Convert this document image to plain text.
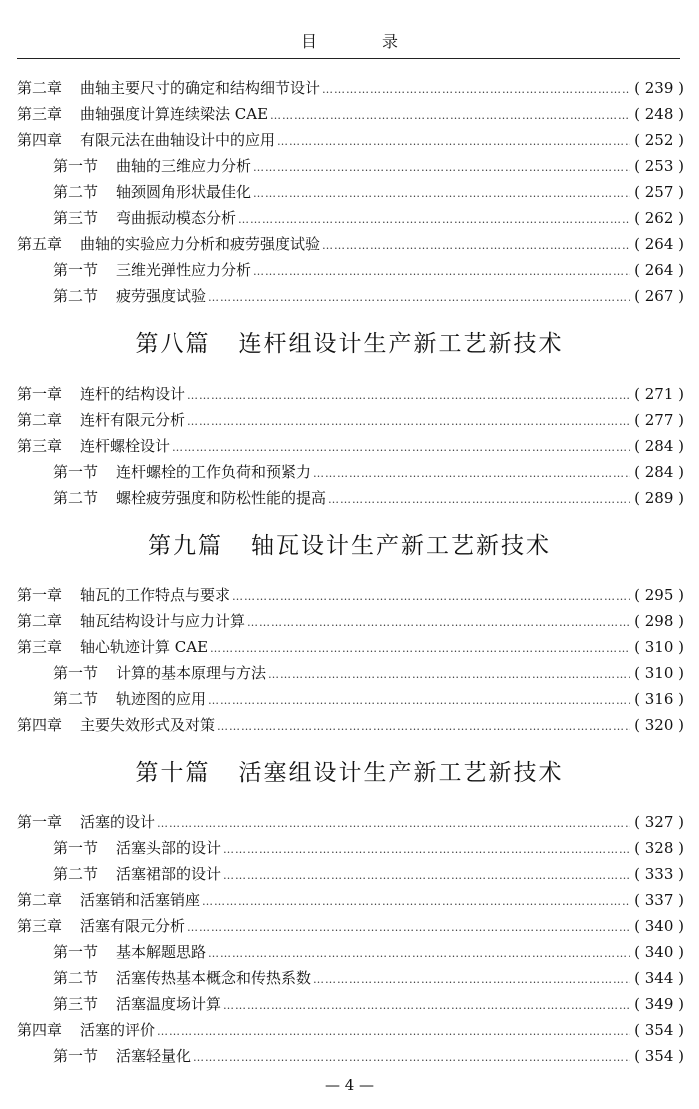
目 录
第二章	曲轴主要尺寸的确定和结构细节设计 …………………………………………………………………………………………………………………………………………………………………………………………………………………………………………………………	( 239 )
第三章	曲轴强度计算连续梁法 CAE …………………………………………………………………………………………………………………………………………………………………………………………………………………………………………………………	( 248 )
第四章	有限元法在曲轴设计中的应用 …………………………………………………………………………………………………………………………………………………………………………………………………………………………………………………………	( 252 )
第一节	曲轴的三维应力分析 …………………………………………………………………………………………………………………………………………………………………………………………………………………………………………………………	( 253 )
第二节	轴颈圆角形状最佳化 …………………………………………………………………………………………………………………………………………………………………………………………………………………………………………………………	( 257 )
第三节	弯曲振动模态分析 …………………………………………………………………………………………………………………………………………………………………………………………………………………………………………………………	( 262 )
第五章	曲轴的实验应力分析和疲劳强度试验 …………………………………………………………………………………………………………………………………………………………………………………………………………………………………………………………	( 264 )
第一节	三维光弹性应力分析 …………………………………………………………………………………………………………………………………………………………………………………………………………………………………………………………	( 264 )
第二节	疲劳强度试验 …………………………………………………………………………………………………………………………………………………………………………………………………………………………………………………………	( 267 )
第八篇 连杆组设计生产新工艺新技术
第一章	连杆的结构设计 …………………………………………………………………………………………………………………………………………………………………………………………………………………………………………………………	( 271 )
第二章	连杆有限元分析 …………………………………………………………………………………………………………………………………………………………………………………………………………………………………………………………	( 277 )
第三章	连杆螺栓设计 …………………………………………………………………………………………………………………………………………………………………………………………………………………………………………………………	( 284 )
第一节	连杆螺栓的工作负荷和预紧力 …………………………………………………………………………………………………………………………………………………………………………………………………………………………………………………………	( 284 )
第二节	螺栓疲劳强度和防松性能的提高 …………………………………………………………………………………………………………………………………………………………………………………………………………………………………………………………	( 289 )
第九篇 轴瓦设计生产新工艺新技术
第一章	轴瓦的工作特点与要求 …………………………………………………………………………………………………………………………………………………………………………………………………………………………………………………………	( 295 )
第二章	轴瓦结构设计与应力计算 …………………………………………………………………………………………………………………………………………………………………………………………………………………………………………………………	( 298 )
第三章	轴心轨迹计算 CAE …………………………………………………………………………………………………………………………………………………………………………………………………………………………………………………………	( 310 )
第一节	计算的基本原理与方法 …………………………………………………………………………………………………………………………………………………………………………………………………………………………………………………………	( 310 )
第二节	轨迹图的应用 …………………………………………………………………………………………………………………………………………………………………………………………………………………………………………………………	( 316 )
第四章	主要失效形式及对策 …………………………………………………………………………………………………………………………………………………………………………………………………………………………………………………………	( 320 )
第十篇 活塞组设计生产新工艺新技术
第一章	活塞的设计 …………………………………………………………………………………………………………………………………………………………………………………………………………………………………………………………	( 327 )
第一节	活塞头部的设计 …………………………………………………………………………………………………………………………………………………………………………………………………………………………………………………………	( 328 )
第二节	活塞裙部的设计 …………………………………………………………………………………………………………………………………………………………………………………………………………………………………………………………	( 333 )
第二章	活塞销和活塞销座 …………………………………………………………………………………………………………………………………………………………………………………………………………………………………………………………	( 337 )
第三章	活塞有限元分析 …………………………………………………………………………………………………………………………………………………………………………………………………………………………………………………………	( 340 )
第一节	基本解题思路 …………………………………………………………………………………………………………………………………………………………………………………………………………………………………………………………	( 340 )
第二节	活塞传热基本概念和传热系数 …………………………………………………………………………………………………………………………………………………………………………………………………………………………………………………………	( 344 )
第三节	活塞温度场计算 …………………………………………………………………………………………………………………………………………………………………………………………………………………………………………………………	( 349 )
第四章	活塞的评价 …………………………………………………………………………………………………………………………………………………………………………………………………………………………………………………………	( 354 )
第一节	活塞轻量化 …………………………………………………………………………………………………………………………………………………………………………………………………………………………………………………………	( 354 )
— 4 —
